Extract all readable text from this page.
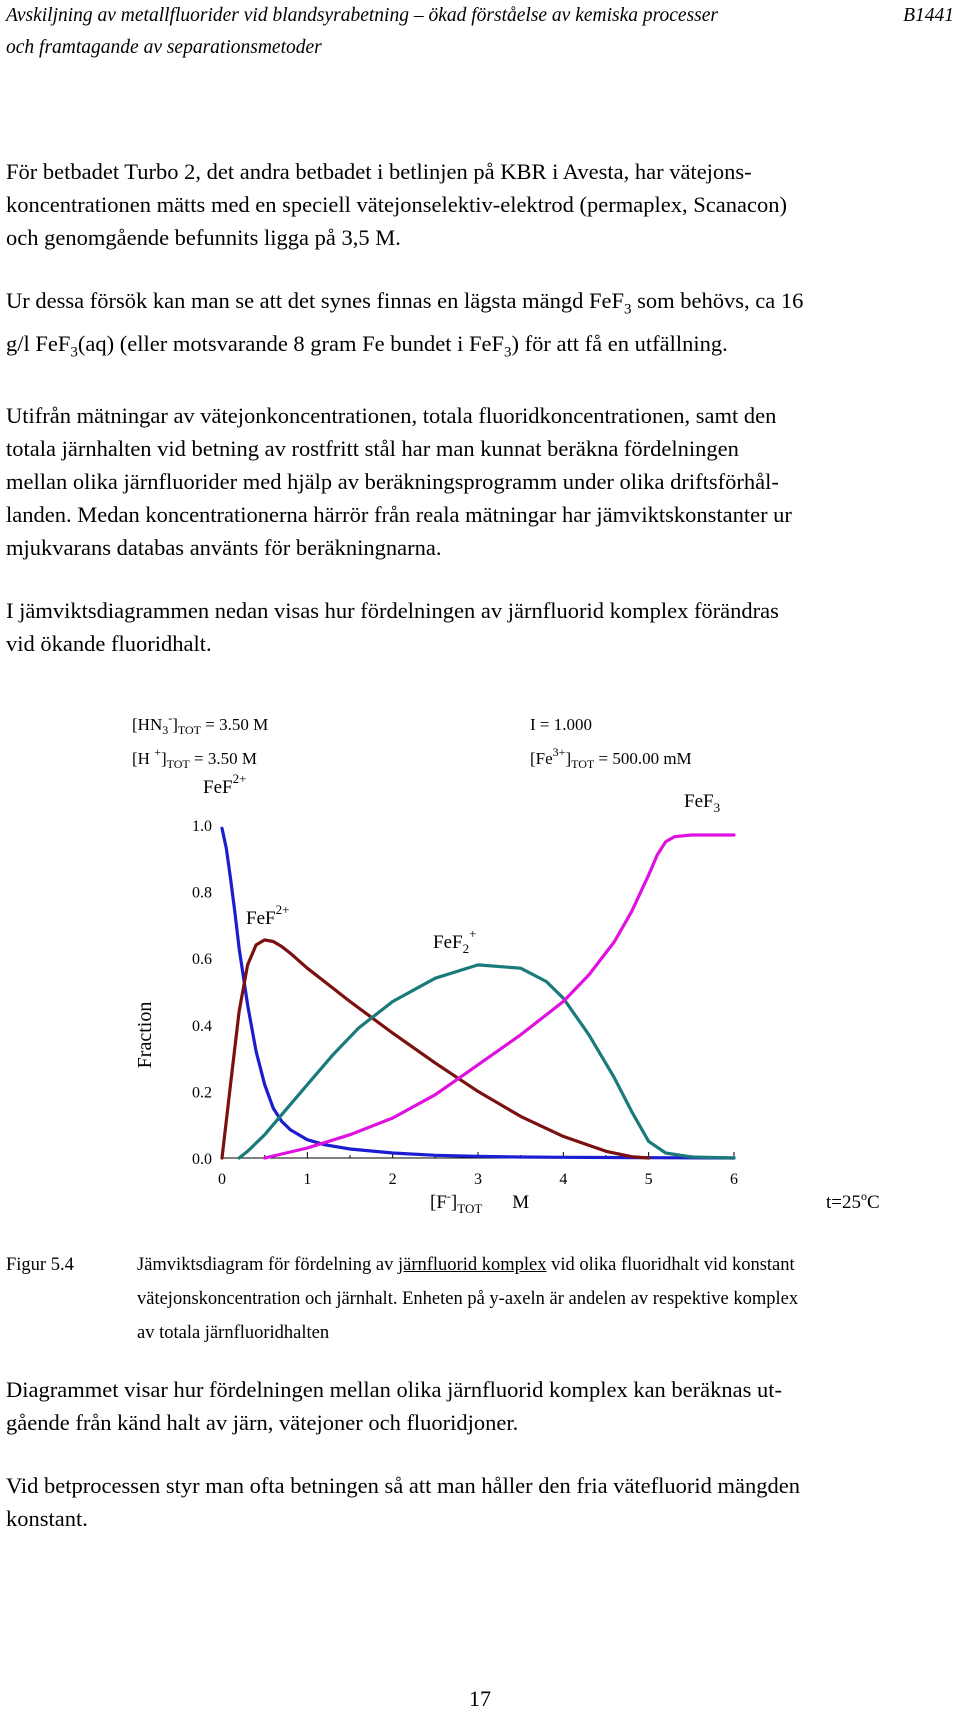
Avskiljning av metallfluorider vid blandsyrabetning – ökad förståelse av kemiska processer
och framtagande av separationsmetoder
B1441

För betbadet Turbo 2, det andra betbadet i betlinjen på KBR i Avesta, har vätejons-
koncentrationen mätts med en speciell vätejonselektiv-elektrod (permaplex, Scanacon)
och genomgående befunnits ligga på 3,5 M.

Ur dessa försök kan man se att det synes finnas en lägsta mängd FeF$_3$ som behövs, ca 16
g/l FeF$_3$(aq) (eller motsvarande 8 gram Fe bundet i FeF$_3$) för att få en utfällning.

Utifrån mätningar av vätejonkoncentrationen, totala fluoridkoncentrationen, samt den
totala järnhalten vid betning av rostfritt stål har man kunnat beräkna fördelningen
mellan olika järnfluorider med hjälp av beräkningsprogramm under olika driftsförhål-
landen. Medan koncentrationerna härrör från reala mätningar har jämviktskonstanter ur
mjukvarans databas använts för beräkningnarna.

I jämviktsdiagrammen nedan visas hur fördelningen av järnfluorid komplex förändras
vid ökande fluoridhalt.

$[HN_3^-]_{TOT} = 3.50$ M
[H $^+]_{TOT} = 3.50$ M
I = 1.000
$[Fe^{3+}]_{TOT} = 500.00$ mM
$t=25^oC$
$[F^-]_{TOT}$ M
Fraction
0	1	2	3	4	5	6
0.0
0.2
0.4
0.6
0.8
1.0
FeF$^{2+}$
FeF$^{2+}$
FeF$_2$+
FeF$_3$
Figur 5.4	Jämviktsdiagram för fördelning av järnfluorid komplex vid olika fluoridhalt vid konstant
vätejonskoncentration och järnhalt. Enheten på y-axeln är andelen av respektive komplex
av totala järnfluoridhalten

Diagrammet visar hur fördelningen mellan olika järnfluorid komplex kan beräknas ut-
gående från känd halt av järn, vätejoner och fluoridjoner.

Vid betprocessen styr man ofta betningen så att man håller den fria vätefluorid mängden
konstant.

17
